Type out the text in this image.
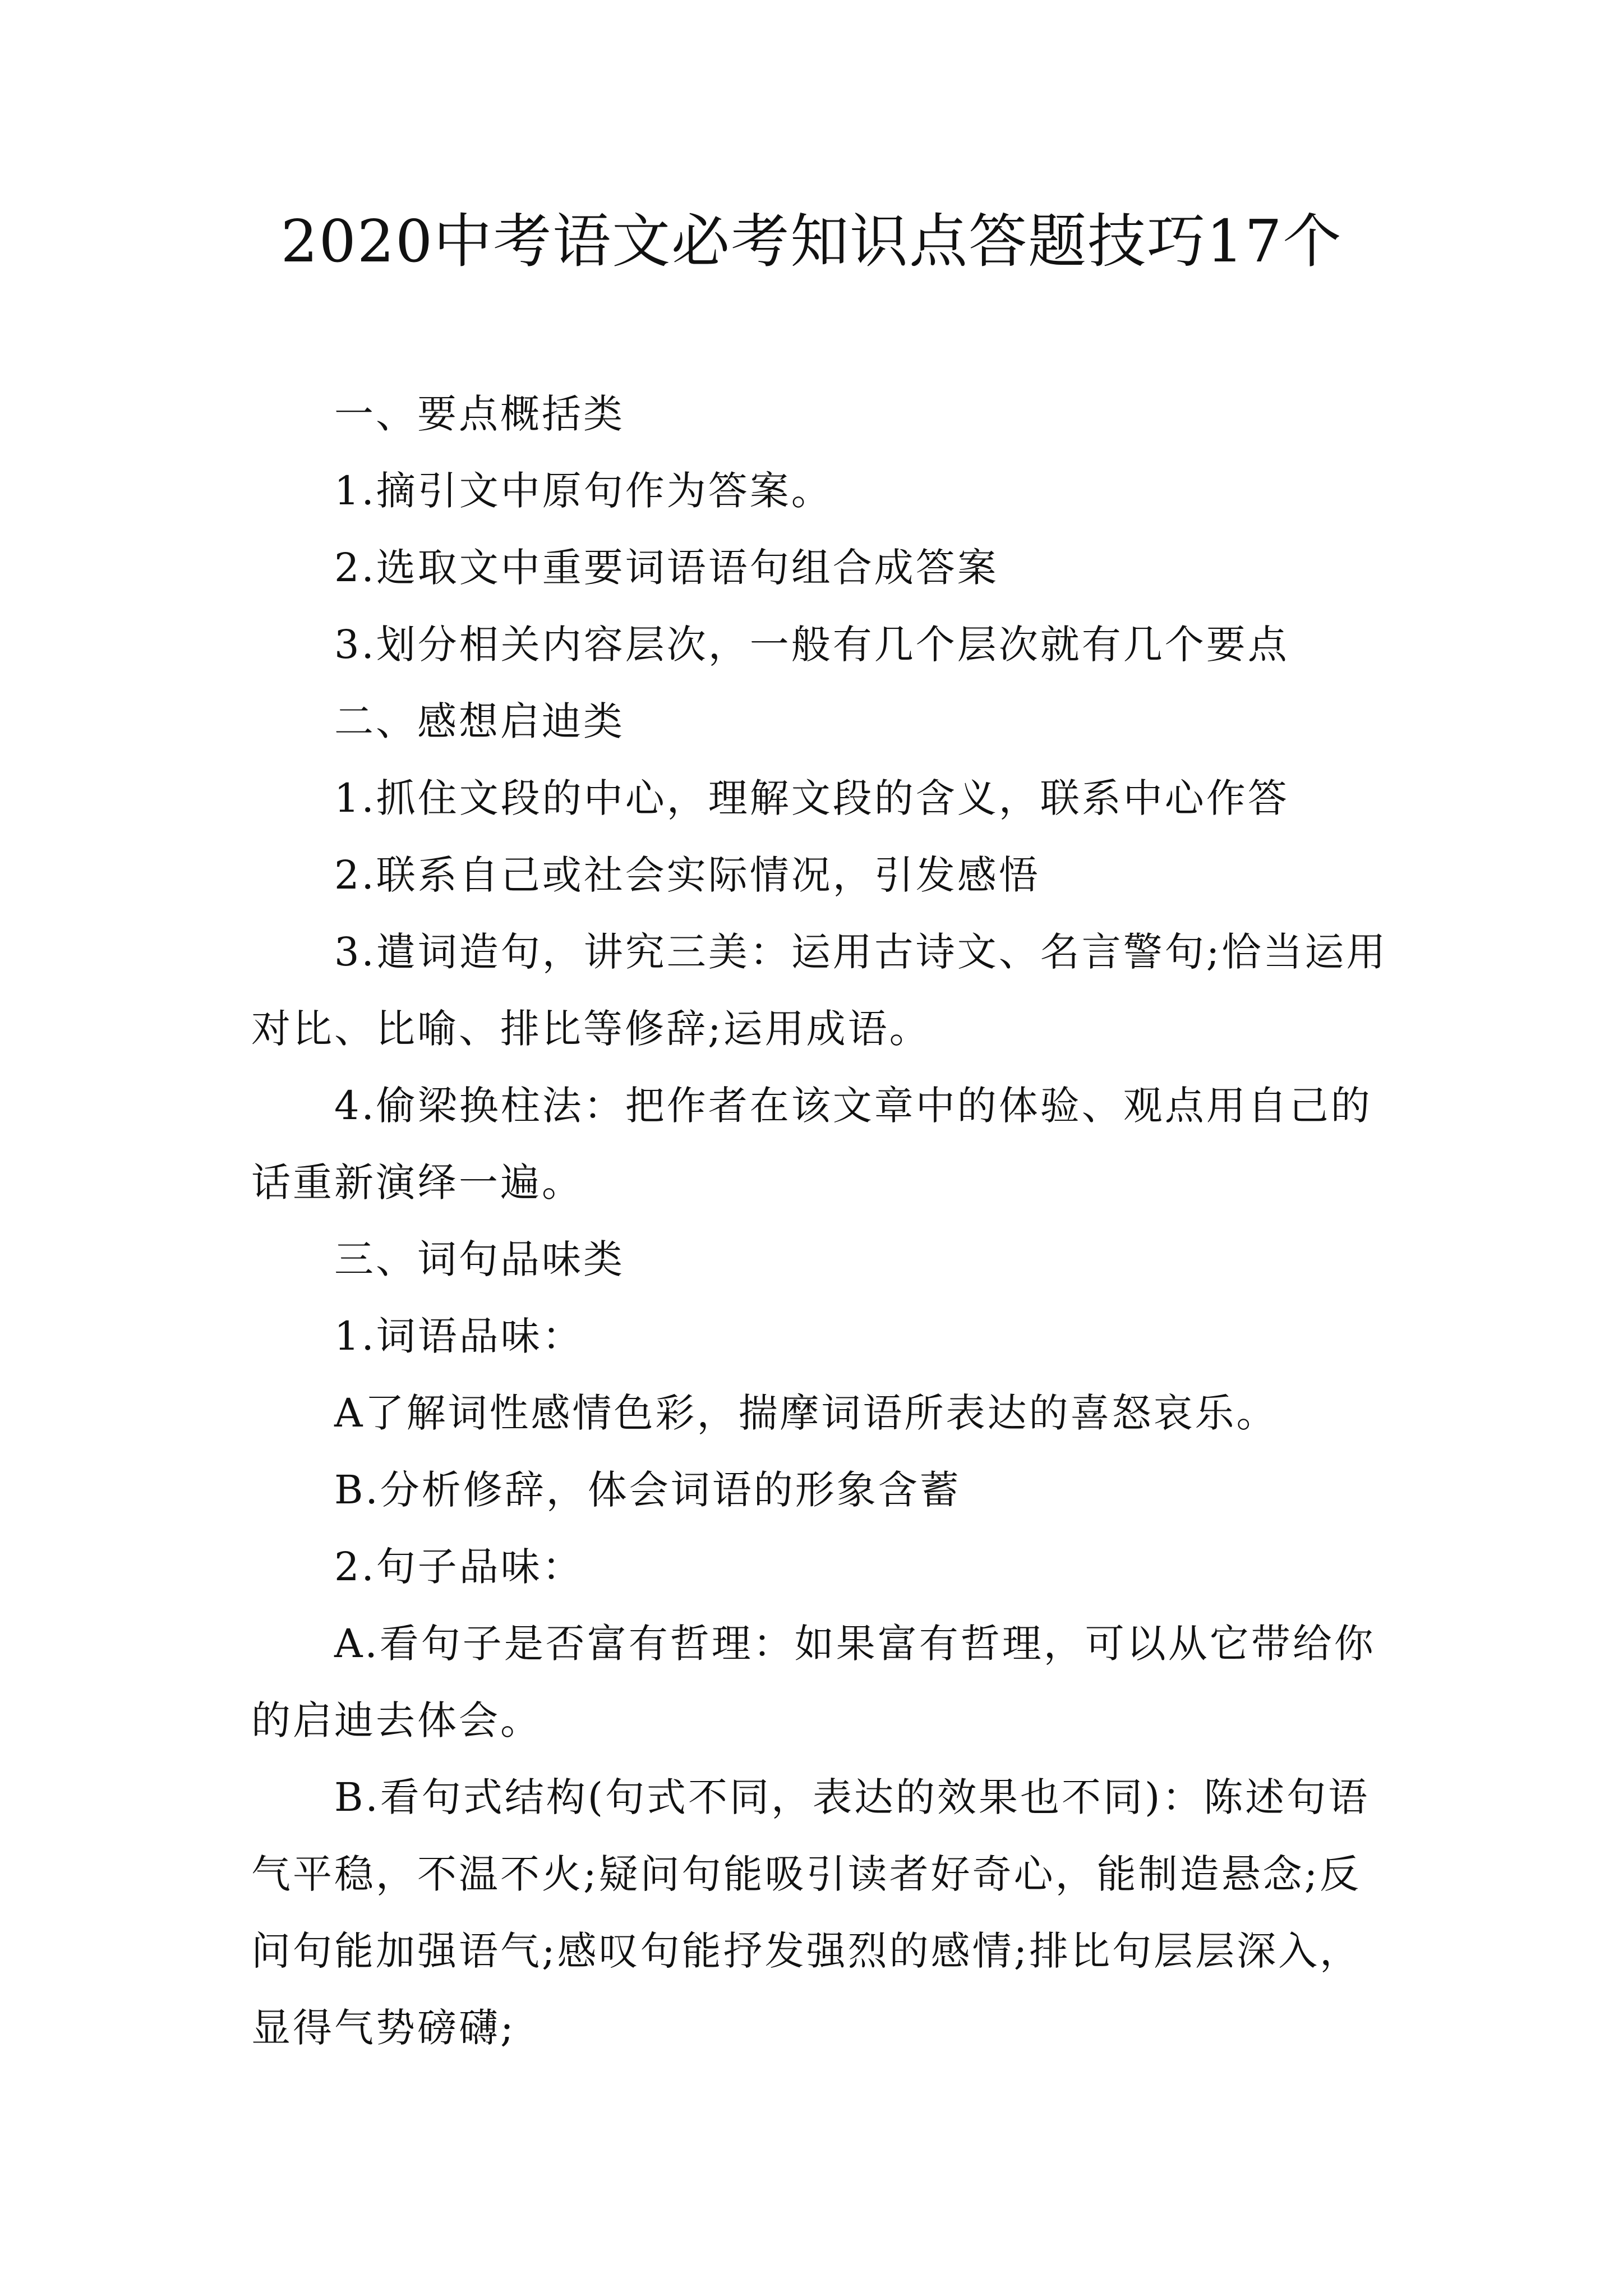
2020中考语文必考知识点答题技巧17个

一、要点概括类

1.摘引文中原句作为答案。

2.选取文中重要词语语句组合成答案

3.划分相关内容层次，一般有几个层次就有几个要点

二、感想启迪类

1.抓住文段的中心，理解文段的含义，联系中心作答

2.联系自己或社会实际情况，引发感悟

3.遣词造句，讲究三美：运用古诗文、名言警句;恰当运用对比、比喻、排比等修辞;运用成语。

4.偷梁换柱法：把作者在该文章中的体验、观点用自己的话重新演绎一遍。

三、词句品味类

1.词语品味：

A了解词性感情色彩，揣摩词语所表达的喜怒哀乐。

B.分析修辞，体会词语的形象含蓄

2.句子品味：

A.看句子是否富有哲理：如果富有哲理，可以从它带给你的启迪去体会。

B.看句式结构(句式不同，表达的效果也不同)：陈述句语气平稳，不温不火;疑问句能吸引读者好奇心，能制造悬念;反问句能加强语气;感叹句能抒发强烈的感情;排比句层层深入，显得气势磅礴;
